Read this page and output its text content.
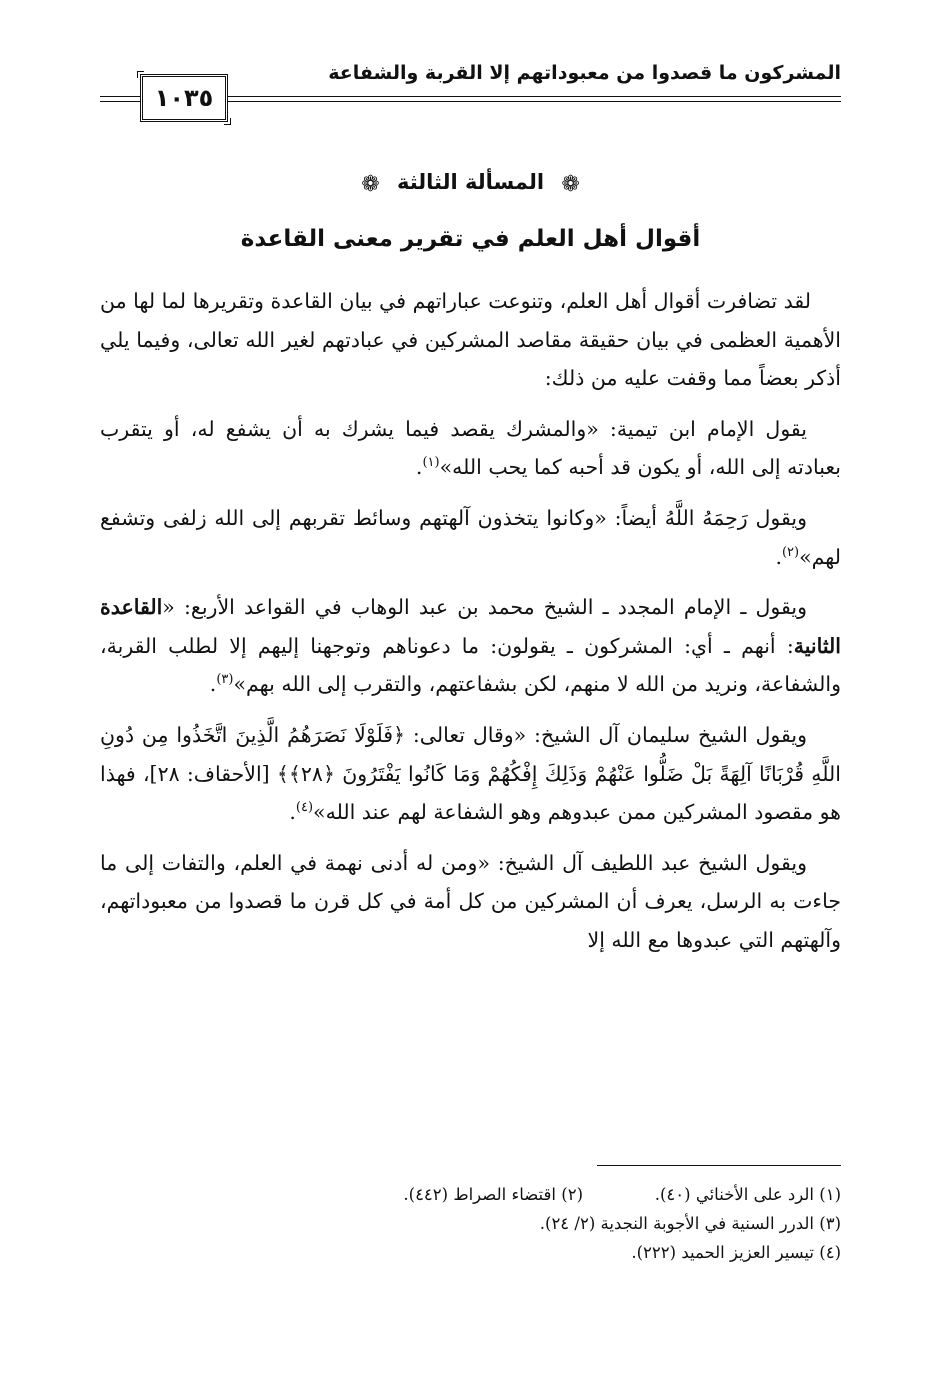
المشركون ما قصدوا من معبوداتهم إلا القربة والشفاعة
١٠٣٥
❁ المسألة الثالثة ❁
أقوال أهل العلم في تقرير معنى القاعدة

لقد تضافرت أقوال أهل العلم، وتنوعت عباراتهم في بيان القاعدة وتقريرها لما لها من الأهمية العظمى في بيان حقيقة مقاصد المشركين في عبادتهم لغير الله تعالى، وفيما يلي أذكر بعضاً مما وقفت عليه من ذلك:

يقول الإمام ابن تيمية: «والمشرك يقصد فيما يشرك به أن يشفع له، أو يتقرب بعبادته إلى الله، أو يكون قد أحبه كما يحب الله»$^{(١)}$.

ويقول رَحِمَهُ اللَّهُ أيضاً: «وكانوا يتخذون آلهتهم وسائط تقربهم إلى الله زلفى وتشفع لهم»$^{(٢)}$.

ويقول ـ الإمام المجدد ـ الشيخ محمد بن عبد الوهاب في القواعد الأربع: «القاعدة الثانية: أنهم ـ أي: المشركون ـ يقولون: ما دعوناهم وتوجهنا إليهم إلا لطلب القربة، والشفاعة، ونريد من الله لا منهم، لكن بشفاعتهم، والتقرب إلى الله بهم»$^{(٣)}$.

ويقول الشيخ سليمان آل الشيخ: «وقال تعالى: ﴿فَلَوْلَا نَصَرَهُمُ الَّذِينَ اتَّخَذُوا مِن دُونِ اللَّهِ قُرْبَانًا آلِهَةً بَلْ ضَلُّوا عَنْهُمْ وَذَلِكَ إِفْكُهُمْ وَمَا كَانُوا يَفْتَرُونَ ﴿٢٨﴾﴾ [الأحقاف: ٢٨]، فهذا هو مقصود المشركين ممن عبدوهم وهو الشفاعة لهم عند الله»$^{(٤)}$.

ويقول الشيخ عبد اللطيف آل الشيخ: «ومن له أدنى نهمة في العلم، والتفات إلى ما جاءت به الرسل، يعرف أن المشركين من كل أمة في كل قرن ما قصدوا من معبوداتهم، وآلهتهم التي عبدوها مع الله إلا

(١) الرد على الأخنائي (٤٠).
(٢) اقتضاء الصراط (٤٤٢).
(٣) الدرر السنية في الأجوبة النجدية (٢/ ٢٤).
(٤) تيسير العزيز الحميد (٢٢٢).
